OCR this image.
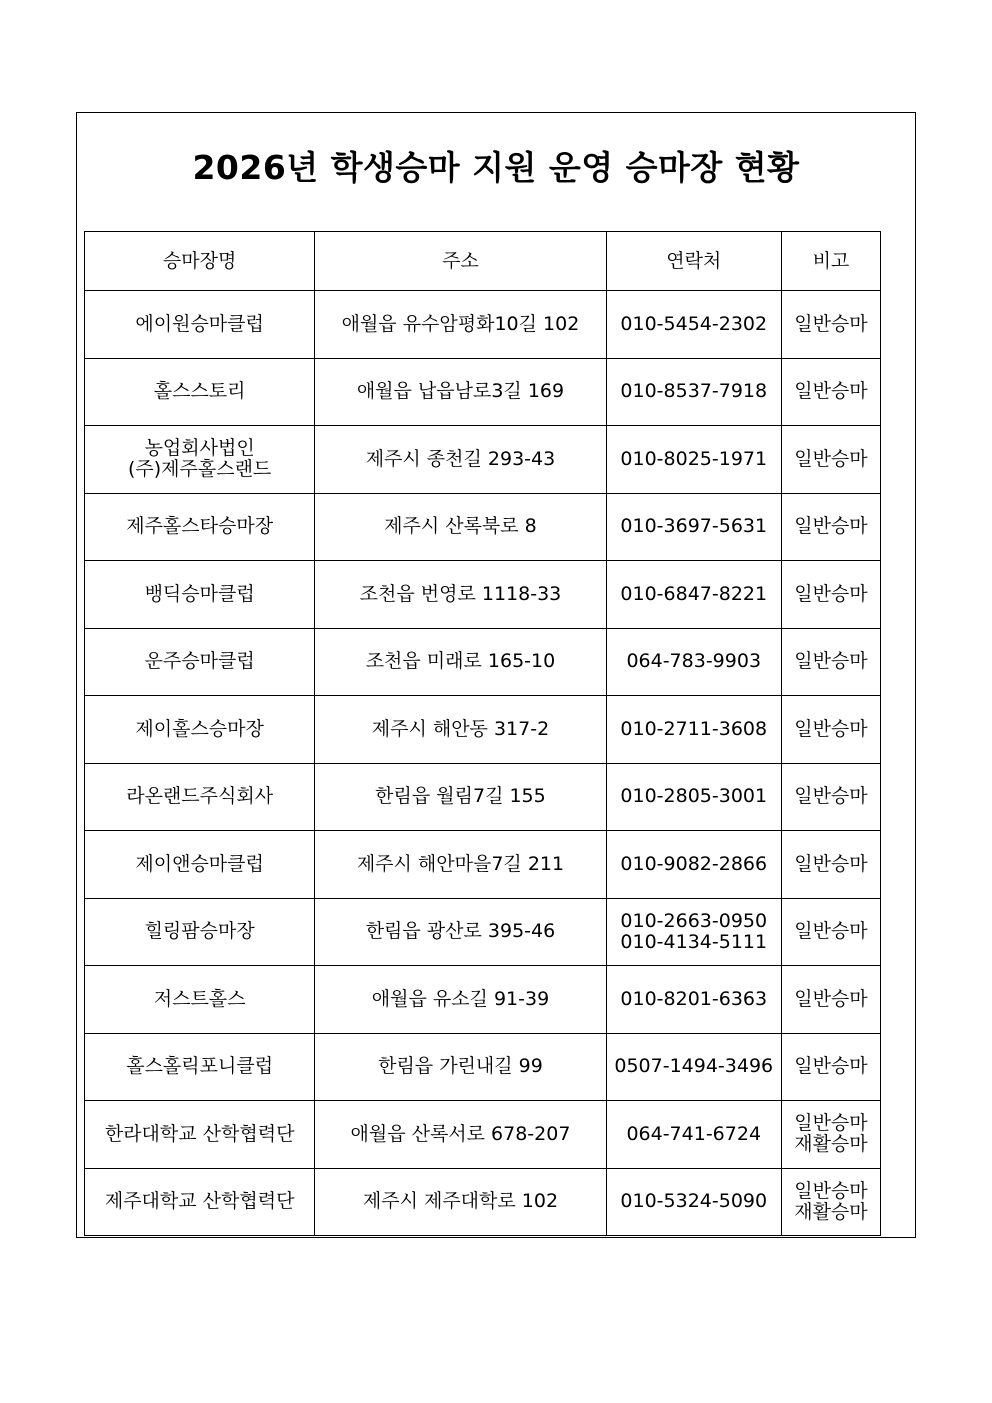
2026년 학생승마 지원 운영 승마장 현황
승마장명	주소	연락처	비고

에이원승마클럽	애월읍 유수암평화10길 102	010-5454-2302	일반승마

홀스스토리	애월읍 납읍남로3길 169	010-8537-7918	일반승마

농업회사법인
(주)제주홀스랜드	제주시 종천길 293-43	010-8025-1971	일반승마

제주홀스타승마장	제주시 산록북로 8	010-3697-5631	일반승마

뱅딕승마클럽	조천읍 번영로 1118-33	010-6847-8221	일반승마

운주승마클럽	조천읍 미래로 165-10	064-783-9903	일반승마

제이홀스승마장	제주시 해안동 317-2	010-2711-3608	일반승마

라온랜드주식회사	한림읍 월림7길 155	010-2805-3001	일반승마

제이앤승마클럽	제주시 해안마을7길 211	010-9082-2866	일반승마

힐링팜승마장	한림읍 광산로 395-46	010-2663-0950
010-4134-5111	일반승마

저스트홀스	애월읍 유소길 91-39	010-8201-6363	일반승마

홀스홀릭포니클럽	한림읍 가린내길 99	0507-1494-3496	일반승마

한라대학교 산학협력단	애월읍 산록서로 678-207	064-741-6724	일반승마
재활승마

제주대학교 산학협력단	제주시 제주대학로 102	010-5324-5090	일반승마
재활승마
